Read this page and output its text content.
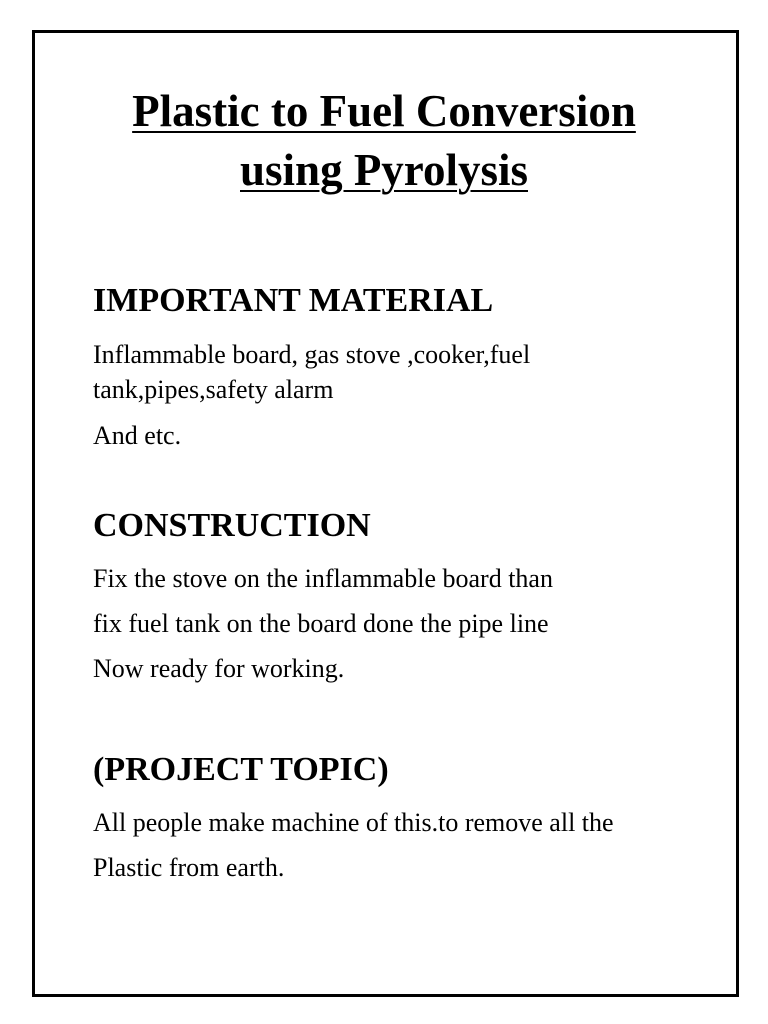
Plastic to Fuel Conversion
using Pyrolysis
IMPORTANT MATERIAL

Inflammable board, gas stove ,cooker,fuel tank,pipes,safety alarm

And etc.

CONSTRUCTION

Fix the stove on the inflammable board than

fix fuel tank on the board done the pipe line

Now ready for working.

(PROJECT TOPIC)

All people make machine of this.to remove all the

Plastic from earth.
